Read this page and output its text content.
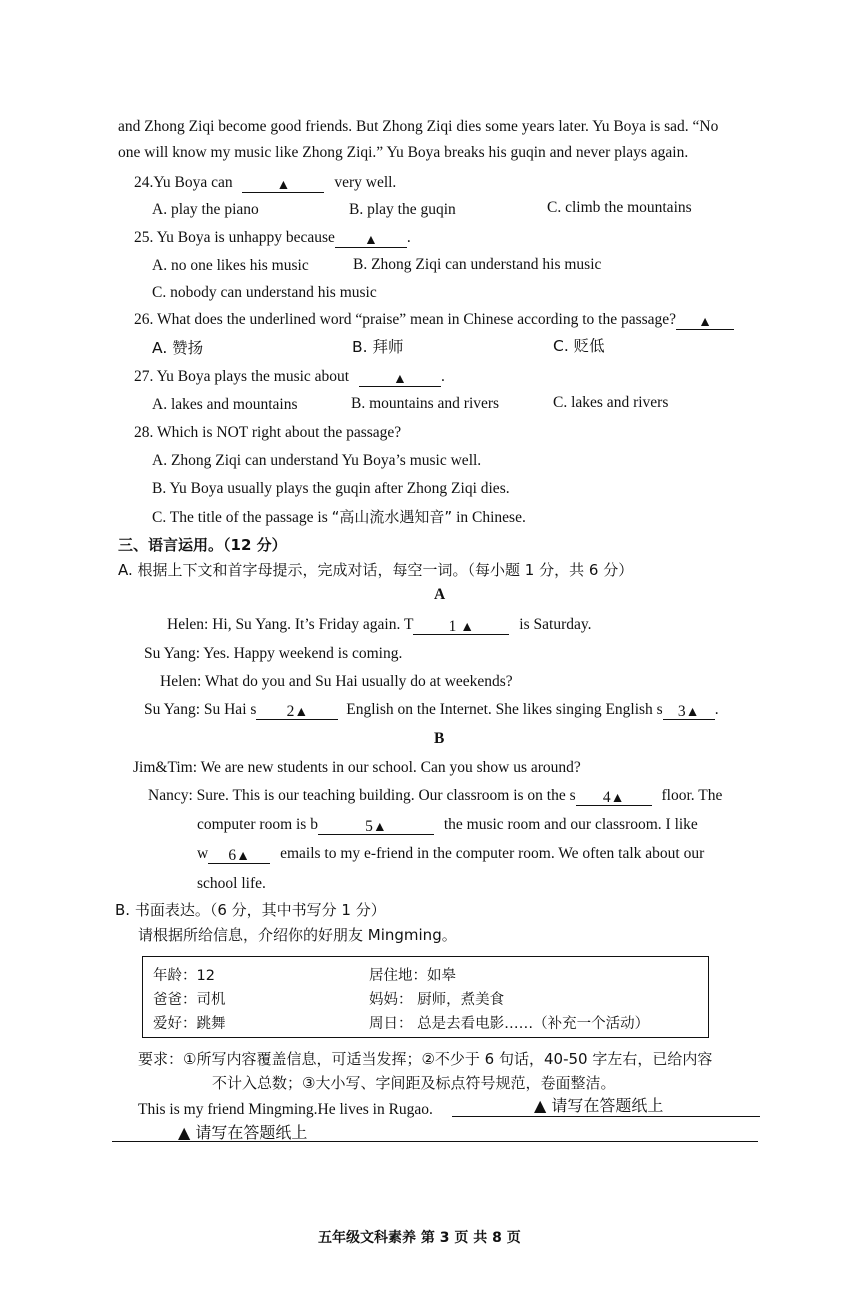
and Zhong Ziqi become good friends. But Zhong Ziqi dies some years later. Yu Boya is sad. “No
one will know my music like Zhong Ziqi.” Yu Boya breaks his guqin and never plays again.
24.Yu Boya can	▲	very well.
A. play the piano	B. play the guqin	C. climb the mountains
25. Yu Boya is unhappy because ▲ .
A. no one likes his music	B. Zhong Ziqi can understand his music
C. nobody can understand his music
26. What does the underlined word “praise” mean in Chinese according to the passage? ▲
A. 赞扬	B. 拜师	C. 贬低
27. Yu Boya plays the music about	▲ .
A. lakes and mountains	B. mountains and rivers	C. lakes and rivers
28. Which is NOT right about the passage?
A. Zhong Ziqi can understand Yu Boya’s music well.
B. Yu Boya usually plays the guqin after Zhong Ziqi dies.
C. The title of the passage is “高山流水遇知音” in Chinese.
三、语言运用。（12 分）
A. 根据上下文和首字母提示，完成对话，每空一词。（每小题 1 分，共 6 分）
A
Helen: Hi, Su Yang. It’s Friday again. T 1 ▲	is Saturday.
Su Yang: Yes. Happy weekend is coming.
Helen: What do you and Su Hai usually do at weekends?
Su Yang: Su Hai s 2▲ English on the Internet. She likes singing English s 3▲ .
B
Jim&Tim: We are new students in our school. Can you show us around?
Nancy: Sure. This is our teaching building. Our classroom is on the s 4▲ floor. The
computer room is b	5▲	the music room and our classroom. I like
w 6▲ emails to my e-friend in the computer room. We often talk about our
school life.
B. 书面表达。（6 分，其中书写分 1 分）
请根据所给信息，介绍你的好朋友 Mingming。
年龄：12	居住地：如皋
爸爸：司机	妈妈： 厨师，煮美食
爱好：跳舞	周日： 总是去看电影……（补充一个活动）
要求：①所写内容覆盖信息，可适当发挥；②不少于 6 句话，40-50 字左右，已给内容
不计入总数；③大小写、字间距及标点符号规范，卷面整洁。
This is my friend Mingming.He lives in Rugao.	▲ 请写在答题纸上
▲ 请写在答题纸上
五年级文科素养 第 3 页 共 8 页
